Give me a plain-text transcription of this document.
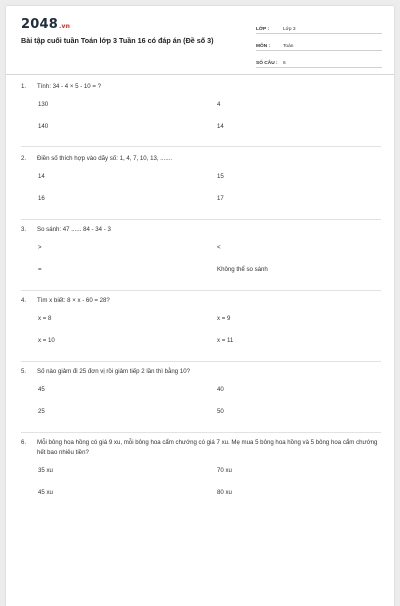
2048.vn
Bài tập cuối tuần Toán lớp 3 Tuần 16 có đáp án (Đề số 3)
LỚP :	Lớp 3
MÔN :	Toán
SỐ CÂU :	6
1.	Tính: 34 - 4 × 5 - 10 = ?
130	4
140	14
2.	Điền số thích hợp vào dãy số: 1, 4, 7, 10, 13, .......
14	15
16	17
3.	So sánh: 47 ...... 84 - 34 - 3
>	<
=	Không thể so sánh
4.	Tìm x biết: 8 × x - 60 = 28?
x = 8	x = 9
x = 10	x = 11
5.	Số nào giảm đi 25 đơn vị rồi giảm tiếp 2 lần thì bằng 10?
45	40
25	50
6.	Mỗi bông hoa hồng có giá 9 xu, mỗi bông hoa cẩm chướng có giá 7 xu. Mẹ mua 5 bông hoa hồng và 5 bông hoa cẩm chướng hết bao nhiêu tiền?
35 xu	70 xu
45 xu	80 xu
